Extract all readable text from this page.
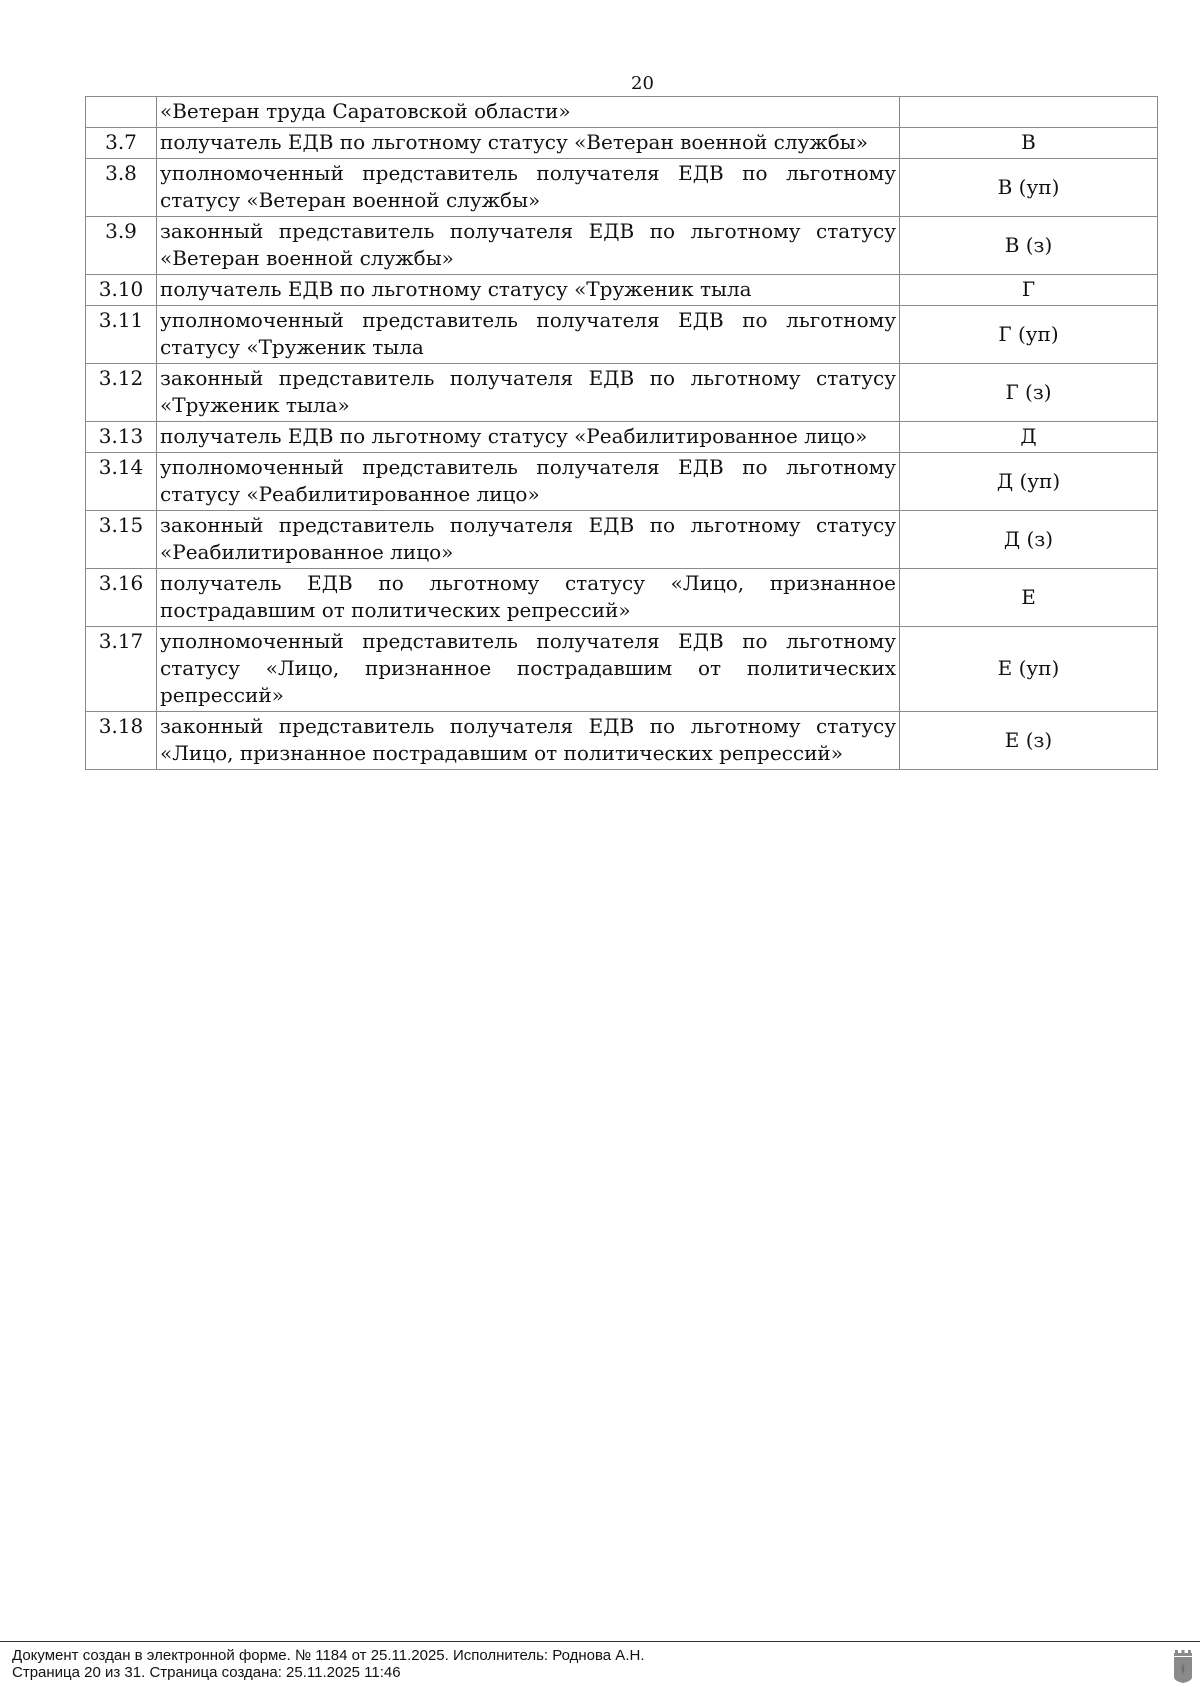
20
	«Ветеран труда Саратовской области»	
3.7	получатель ЕДВ по льготному статусу «Ветеран военной службы»	В
3.8	уполномоченный представитель получателя ЕДВ по льготному статусу «Ветеран военной службы»	В (уп)
3.9	законный представитель получателя ЕДВ по льготному статусу «Ветеран военной службы»	В (з)
3.10	получатель ЕДВ по льготному статусу «Труженик тыла	Г
3.11	уполномоченный представитель получателя ЕДВ по льготному статусу «Труженик тыла	Г (уп)
3.12	законный представитель получателя ЕДВ по льготному статусу «Труженик тыла»	Г (з)
3.13	получатель ЕДВ по льготному статусу «Реабилитированное лицо»	Д
3.14	уполномоченный представитель получателя ЕДВ по льготному статусу «Реабилитированное лицо»	Д (уп)
3.15	законный представитель получателя ЕДВ по льготному статусу «Реабилитированное лицо»	Д (з)
3.16	получатель ЕДВ по льготному статусу «Лицо, признанное пострадавшим от политических репрессий»	Е
3.17	уполномоченный представитель получателя ЕДВ по льготному статусу «Лицо, признанное пострадавшим от политических репрессий»	Е (уп)
3.18	законный представитель получателя ЕДВ по льготному статусу «Лицо, признанное пострадавшим от политических репрессий»	Е (з)
Документ создан в электронной форме. № 1184 от 25.11.2025. Исполнитель: Роднова А.Н.
Страница 20 из 31. Страница создана: 25.11.2025 11:46
